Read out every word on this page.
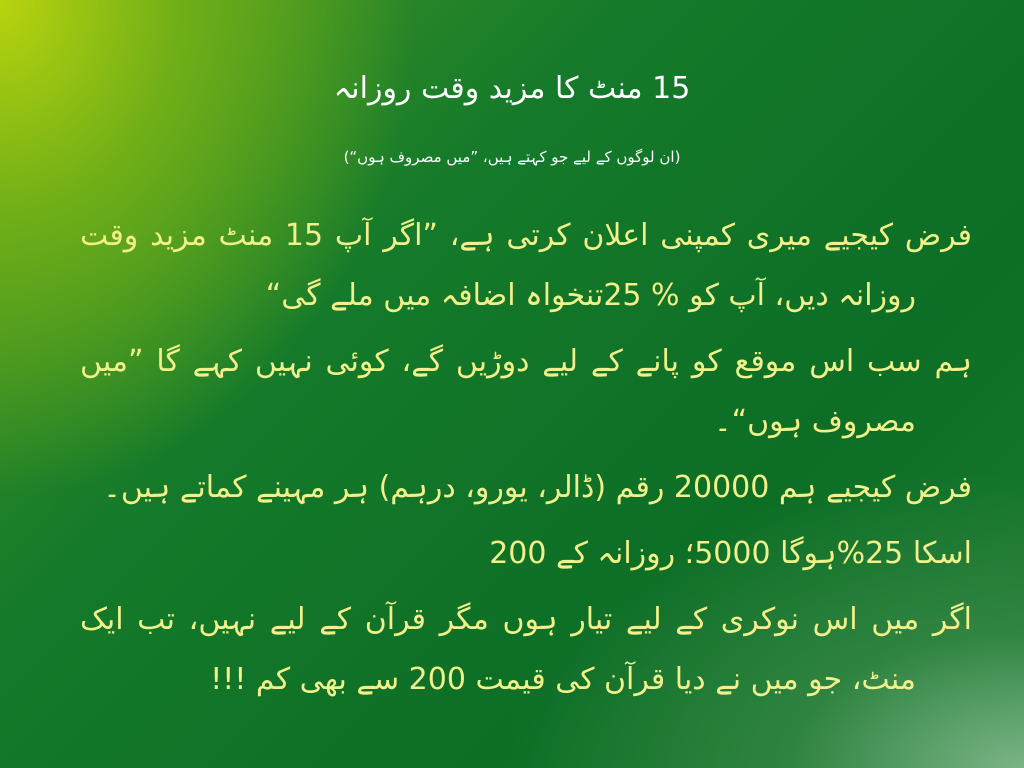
15 منٹ کا مزید وقت روزانہ
(ان لوگوں کے لیے جو کہتے ہیں، ”میں مصروف ہوں“)

فرض کیجیے میری کمپنی اعلان کرتی ہے، ”اگر آپ 15 منٹ مزید وقت روزانہ دیں، آپ کو % 25تنخواہ اضافہ میں ملے گی“

ہم سب اس موقع کو پانے کے لیے دوڑیں گے، کوئی نہیں کہے گا ”میں مصروف ہوں“۔

فرض کیجیے ہم 20000 رقم (ڈالر، یورو، درہم) ہر مہینے کماتے ہیں۔

اسکا 25%ہوگا 5000؛ روزانہ کے 200

اگر میں اس نوکری کے لیے تیار ہوں مگر قرآن کے لیے نہیں، تب ایک منٹ، جو میں نے دیا قرآن کی قیمت 200 سے بھی کم !!!
